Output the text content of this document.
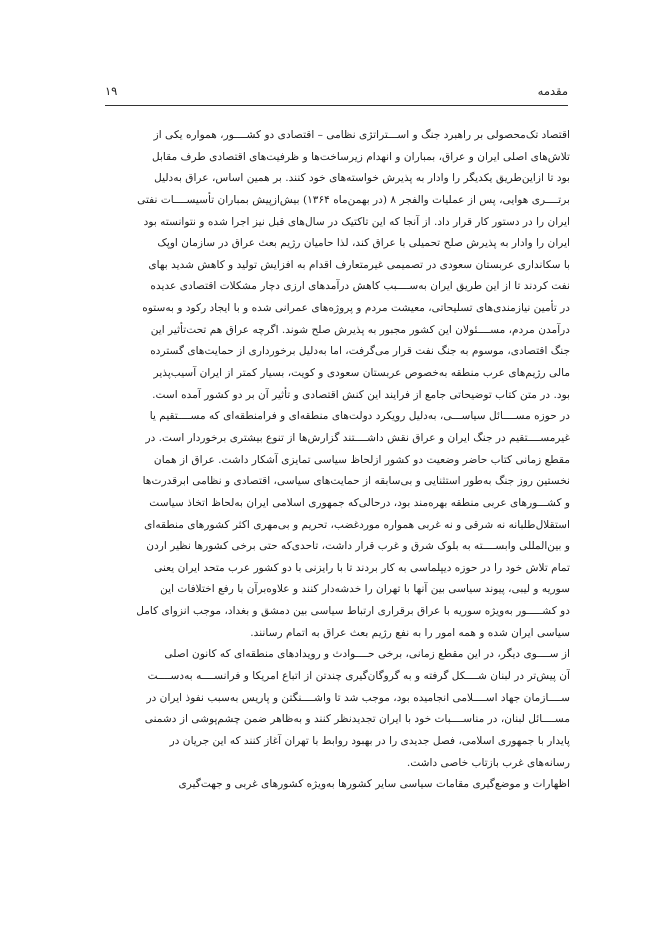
مقدمه
۱۹
اقتصاد تک‌محصولی بر راهبرد جنگ و اســـتراتژی نظامی – اقتصادی دو کشــــور، همواره یکی از
تلاش‌های اصلی ایران و عراق، بمباران و انهدام زیرساخت‌ها و ظرفیت‌های اقتصادی طرف مقابل
بود تا ازاین‌طریق یکدیگر را وادار به پذیرش خواسته‌های خود کنند. بر همین اساس، عراق به‌دلیل
برتــــری هوایی، پس از عملیات والفجر ۸ (در بهمن‌ماه ۱۳۶۴) بیش‌ازپیش بمباران تأسیســــات نفتی
ایران را در دستور کار قرار داد. از آنجا که این تاکتیک در سال‌های قبل نیز اجرا شده و نتوانسته بود
ایران را وادار به پذیرش صلح تحمیلی با عراق کند، لذا حامیان رژیم بعث عراق در سازمان اوپک
با سکانداری عربستان سعودی در تصمیمی غیرمتعارف اقدام به افزایش تولید و کاهش شدید بهای
نفت کردند تا از این طریق ایران به‌ســــبب کاهش درآمدهای ارزی دچار مشکلات اقتصادی عدیده
در تأمین نیازمندی‌های تسلیحاتی، معیشت مردم و پروژه‌های عمرانی شده و با ایجاد رکود و به‌ستوه
درآمدن مردم، مســــئولان این کشور مجبور به پذیرش صلح شوند. اگرچه عراق هم تحت‌تأثیر این
جنگ اقتصادی، موسوم به جنگ نفت قرار می‌گرفت، اما به‌دلیل برخورداری از حمایت‌های گسترده
مالی رژیم‌های عرب منطقه به‌خصوص عربستان سعودی و کویت، بسیار کمتر از ایران آسیب‌پذیر
بود. در متن کتاب توضیحاتی جامع از فرایند این کنش اقتصادی و تأثیر آن بر دو کشور آمده است.
در حوزه مســــائل سیاســـی، به‌دلیل رویکرد دولت‌های منطقه‌ای و فرامنطقه‌ای که مســــتقیم یا
غیرمســــتقیم در جنگ ایران و عراق نقش داشــــتند گزارش‌ها از تنوع بیشتری برخوردار است. در
مقطع زمانی کتاب حاضر وضعیت دو کشور ازلحاظ سیاسی تمایزی آشکار داشت. عراق از همان
نخستین روز جنگ به‌طور استثنایی و بی‌سابقه از حمایت‌های سیاسی، اقتصادی و نظامی ابرقدرت‌ها
و کشـــورهای عربی منطقه بهره‌مند بود، درحالی‌که جمهوری اسلامی ایران به‌لحاظ اتخاذ سیاست
استقلال‌طلبانه نه شرقی و نه غربی همواره موردغضب، تحریم و بی‌مهری اکثر کشورهای منطقه‌ای
و بین‌المللی وابســــته به بلوک شرق و غرب قرار داشت، تاحدی‌که حتی برخی کشورها نظیر اردن
تمام تلاش خود را در حوزه دیپلماسی به کار بردند تا با رایزنی با دو کشور عرب متحد ایران یعنی
سوریه و لیبی، پیوند سیاسی بین آنها با تهران را خدشه‌دار کنند و علاوه‌برآن با رفع اختلافات این
دو کشـــــور به‌ویژه سوریه با عراق برقراری ارتباط سیاسی بین دمشق و بغداد، موجب انزوای کامل
سیاسی ایران شده و همه امور را به نفع رژیم بعث عراق به اتمام رسانند.
از ســــوی دیگر، در این مقطع زمانی، برخی حــــوادث و رویدادهای منطقه‌ای که کانون اصلی
آن پیش‌تر در لبنان شــــکل گرفته و به گروگان‌گیری چندتن از اتباع امریکا و فرانســــه به‌دســــت
ســــازمان جهاد اســــلامی انجامیده بود، موجب شد تا واشــــنگتن و پاریس به‌سبب نفوذ ایران در
مســــائل لبنان، در مناســــبات خود با ایران تجدیدنظر کنند و به‌ظاهر ضمن چشم‌پوشی از دشمنی
پایدار با جمهوری اسلامی، فصل جدیدی را در بهبود روابط با تهران آغاز کنند که این جریان در
رسانه‌های غرب بازتاب خاصی داشت.
اظهارات و موضع‌گیری مقامات سیاسی سایر کشورها به‌ویژه کشورهای غربی و جهت‌گیری
